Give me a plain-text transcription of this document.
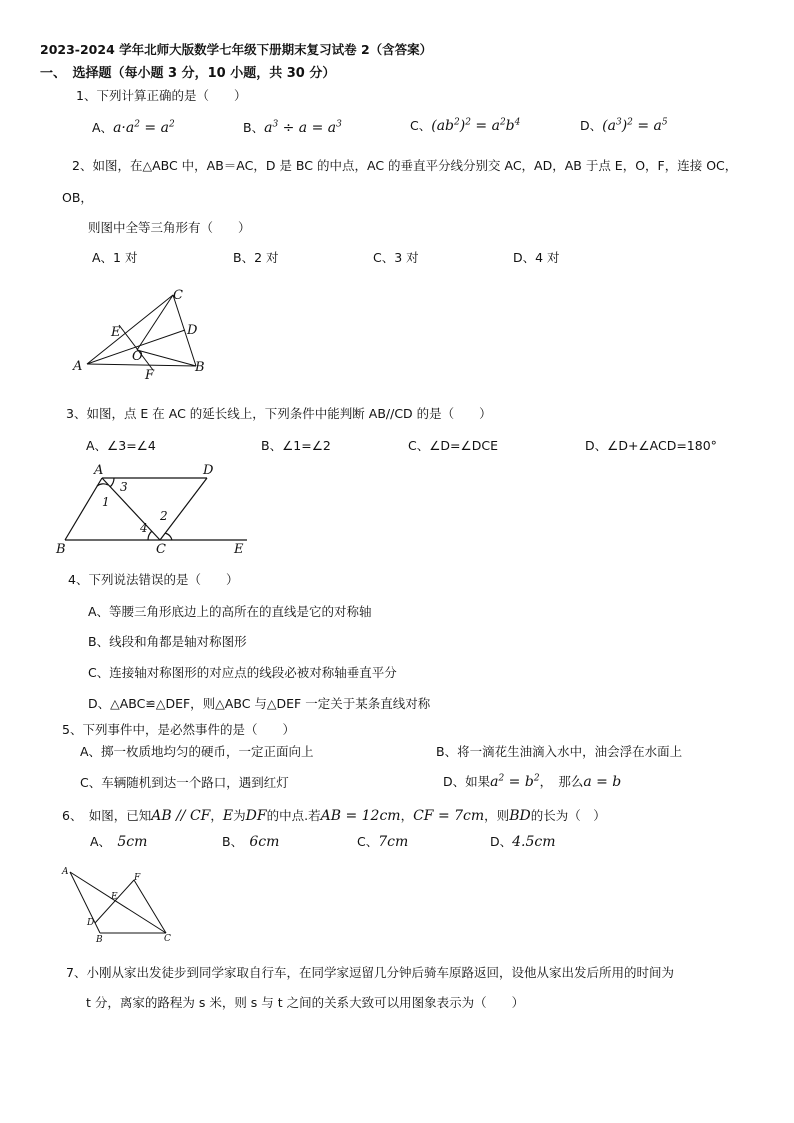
2023-2024 学年北师大版数学七年级下册期末复习试卷 2（含答案）
一、　选择题（每小题 3 分，10 小题，共 30 分）
1、下列计算正确的是（　　）
A、$a\cdot a^2 = a^2$	B、$a^3 \div a = a^3$	C、$(ab^2)^2 = a^2b^4$	D、$(a^3)^2 = a^5$
2、如图，在△ABC 中，AB＝AC，D 是 BC 的中点，AC 的垂直平分线分别交 AC，AD，AB 于点 E，O，F，连接 OC，
OB，
则图中全等三角形有（　　）
A、1 对	B、2 对	C、3 对	D、4 对
C
E	D
O
A	B
F
3、如图，点 E 在 AC 的延长线上，下列条件中能判断 AB//CD 的是（　　）
A、∠3=∠4	B、∠1=∠2	C、∠D=∠DCE	D、∠D+∠ACD=180°
A	D
3
1
4
2
B	C	E
4、下列说法错误的是（　　）
A、等腰三角形底边上的高所在的直线是它的对称轴
B、线段和角都是轴对称图形
C、连接轴对称图形的对应点的线段必被对称轴垂直平分
D、△ABC≌△DEF，则△ABC 与△DEF 一定关于某条直线对称
5、下列事件中，是必然事件的是（　　）
A、掷一枚质地均匀的硬币，一定正面向上	B、将一滴花生油滴入水中，油会浮在水面上
C、车辆随机到达一个路口，遇到红灯	D、如果$a^2 = b^2$，　那么a = b
6、　如图，已知AB // CF，E为DF的中点.若AB = 12cm，CF = 7cm，则BD的长为（　）
A、　 5cm	B、　 6cm	C、7cm	D、4.5cm
A
F
E
D
B	C
7、小刚从家出发徒步到同学家取自行车，在同学家逗留几分钟后骑车原路返回，设他从家出发后所用的时间为
t 分，离家的路程为 s 米，则 s 与 t 之间的关系大致可以用图象表示为（　　）
